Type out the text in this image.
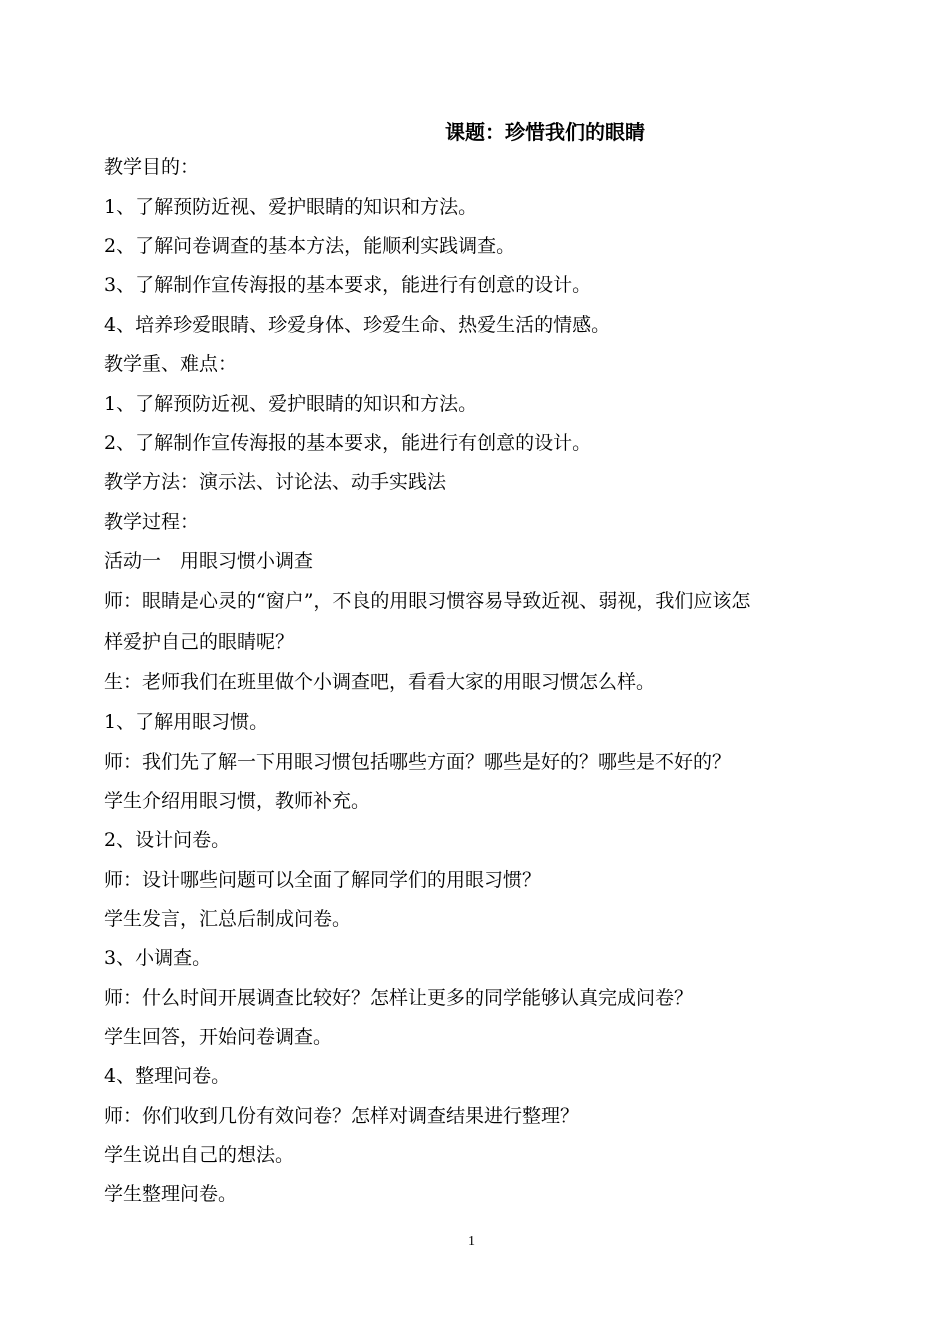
课题：珍惜我们的眼睛
教学目的：
1、了解预防近视、爱护眼睛的知识和方法。
2、了解问卷调查的基本方法，能顺利实践调查。
3、了解制作宣传海报的基本要求，能进行有创意的设计。
4、培养珍爱眼睛、珍爱身体、珍爱生命、热爱生活的情感。
教学重、难点：
1、了解预防近视、爱护眼睛的知识和方法。
2、了解制作宣传海报的基本要求，能进行有创意的设计。
教学方法：演示法、讨论法、动手实践法
教学过程：
活动一　用眼习惯小调查
师：眼睛是心灵的“窗户”，不良的用眼习惯容易导致近视、弱视，我们应该怎
样爱护自己的眼睛呢？
生：老师我们在班里做个小调查吧，看看大家的用眼习惯怎么样。
1、了解用眼习惯。
师：我们先了解一下用眼习惯包括哪些方面？哪些是好的？哪些是不好的？
学生介绍用眼习惯，教师补充。
2、设计问卷。
师：设计哪些问题可以全面了解同学们的用眼习惯？
学生发言，汇总后制成问卷。
3、小调查。
师：什么时间开展调查比较好？怎样让更多的同学能够认真完成问卷？
学生回答，开始问卷调查。
4、整理问卷。
师：你们收到几份有效问卷？怎样对调查结果进行整理？
学生说出自己的想法。
学生整理问卷。
1
